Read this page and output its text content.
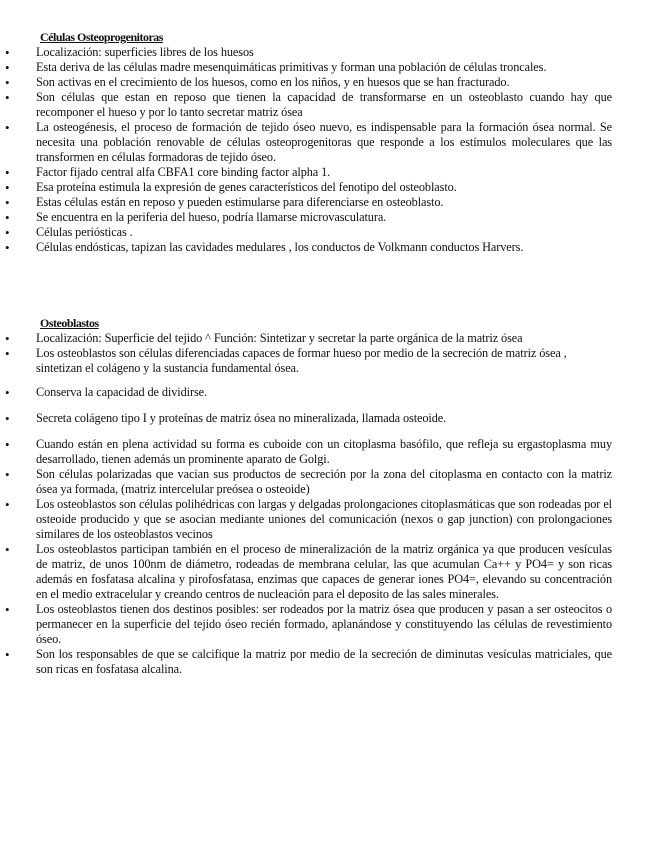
Células Osteoprogenitoras
• Localización: superficies libres de los huesos
• Esta deriva de las células madre mesenquimáticas primitivas y forman una población de células troncales.
• Son activas en el crecimiento de los huesos, como en los niños, y en huesos que se han fracturado.
• Son células que estan en reposo que tienen la capacidad de transformarse en un osteoblasto cuando hay que recomponer el hueso y por lo tanto secretar matriz ósea
• La osteogénesis, el proceso de formación de tejido óseo nuevo, es indispensable para la formación ósea normal. Se necesita una población renovable de células osteoprogenitoras que responde a los estímulos moleculares que las transformen en células formadoras de tejido óseo.
• Factor fijado central alfa CBFA1 core binding factor alpha 1.
• Esa proteína estimula la expresión de genes característicos del fenotipo del osteoblasto.
• Estas células están en reposo y pueden estimularse para diferenciarse en osteoblasto.
• Se encuentra en la periferia del hueso, podría llamarse microvasculatura.
• Células periósticas .
• Células endósticas, tapizan las cavidades medulares , los conductos de Volkmann conductos Harvers.
Osteoblastos
• Localización: Superficie del tejido ^ Función: Sintetizar y secretar la parte orgánica de la matriz ósea
• Los osteoblastos son células diferenciadas capaces de formar hueso por medio de la secreción de matriz ósea , sintetizan el colágeno y la sustancia fundamental ósea.
• Conserva la capacidad de dividirse.
• Secreta colágeno tipo I y proteínas de matriz ósea no mineralizada, llamada osteoide.
• Cuando están en plena actividad su forma es cuboide con un citoplasma basófilo, que refleja su ergastoplasma muy desarrollado, tienen además un prominente aparato de Golgi.
• Son células polarizadas que vacian sus productos de secreción por la zona del citoplasma en contacto con la matriz ósea ya formada, (matriz intercelular preósea o osteoide)
• Los osteoblastos son células polihédricas con largas y delgadas prolongaciones citoplasmáticas que son rodeadas por el osteoide producido y que se asocian mediante uniones del comunicación (nexos o gap junction) con prolongaciones similares de los osteoblastos vecinos
• Los osteoblastos participan también en el proceso de mineralización de la matriz orgánica ya que producen vesículas de matriz, de unos 100nm de diámetro, rodeadas de membrana celular, las que acumulan Ca++ y PO4= y son ricas además en fosfatasa alcalina y pirofosfatasa, enzimas que capaces de generar iones PO4=, elevando su concentración en el medio extracelular y creando centros de nucleación para el deposito de las sales minerales.
• Los osteoblastos tienen dos destinos posibles: ser rodeados por la matriz ósea que producen y pasan a ser osteocitos o permanecer en la superficie del tejido óseo recién formado, aplanándose y constituyendo las células de revestimiento óseo.
• Son los responsables de que se calcifique la matriz por medio de la secreción de diminutas vesículas matriciales, que son ricas en fosfatasa alcalina.
